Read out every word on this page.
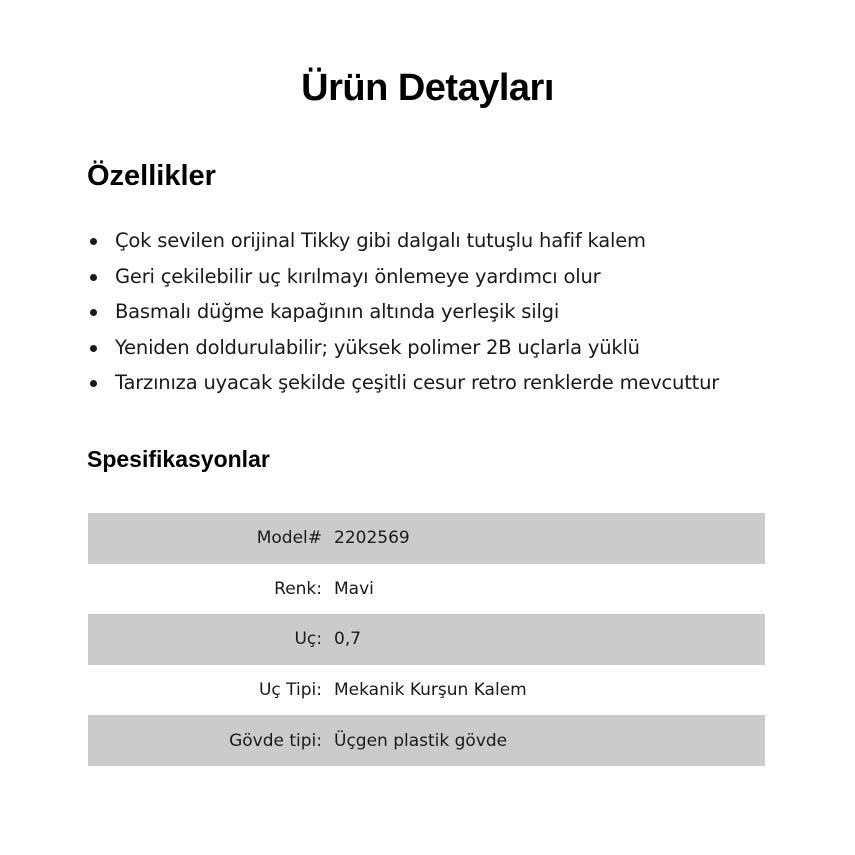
Ürün Detayları
Özellikler
Çok sevilen orijinal Tikky gibi dalgalı tutuşlu hafif kalem
Geri çekilebilir uç kırılmayı önlemeye yardımcı olur
Basmalı düğme kapağının altında yerleşik silgi
Yeniden doldurulabilir; yüksek polimer 2B uçlarla yüklü
Tarzınıza uyacak şekilde çeşitli cesur retro renklerde mevcuttur
Spesifikasyonlar
Model#	2202569
Renk:	Mavi
Uç:	0,7
Uç Tipi:	Mekanik Kurşun Kalem
Gövde tipi:	Üçgen plastik gövde
